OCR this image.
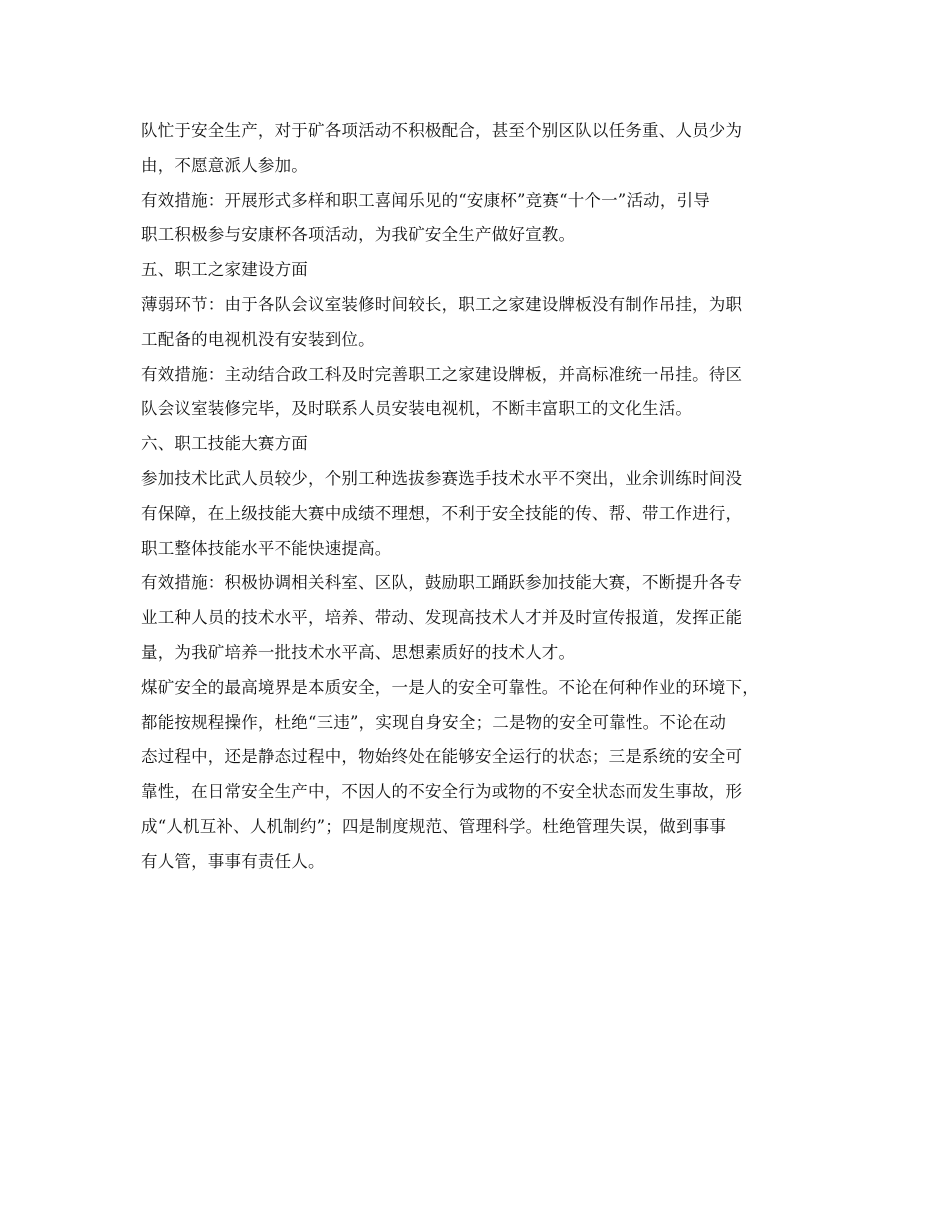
队忙于安全生产，对于矿各项活动不积极配合，甚至个别区队以任务重、人员少为
由，不愿意派人参加。
有效措施：开展形式多样和职工喜闻乐见的“安康杯”竞赛“十个一”活动，引导
职工积极参与安康杯各项活动，为我矿安全生产做好宣教。
五、职工之家建设方面
薄弱环节：由于各队会议室装修时间较长，职工之家建设牌板没有制作吊挂，为职
工配备的电视机没有安装到位。
有效措施：主动结合政工科及时完善职工之家建设牌板，并高标准统一吊挂。待区
队会议室装修完毕，及时联系人员安装电视机，不断丰富职工的文化生活。
六、职工技能大赛方面
参加技术比武人员较少，个别工种选拔参赛选手技术水平不突出，业余训练时间没
有保障，在上级技能大赛中成绩不理想，不利于安全技能的传、帮、带工作进行，
职工整体技能水平不能快速提高。
有效措施：积极协调相关科室、区队，鼓励职工踊跃参加技能大赛，不断提升各专
业工种人员的技术水平，培养、带动、发现高技术人才并及时宣传报道，发挥正能
量，为我矿培养一批技术水平高、思想素质好的技术人才。
煤矿安全的最高境界是本质安全，一是人的安全可靠性。不论在何种作业的环境下，
都能按规程操作，杜绝“三违”，实现自身安全；二是物的安全可靠性。不论在动
态过程中，还是静态过程中，物始终处在能够安全运行的状态；三是系统的安全可
靠性，在日常安全生产中，不因人的不安全行为或物的不安全状态而发生事故，形
成“人机互补、人机制约”；四是制度规范、管理科学。杜绝管理失误，做到事事
有人管，事事有责任人。
